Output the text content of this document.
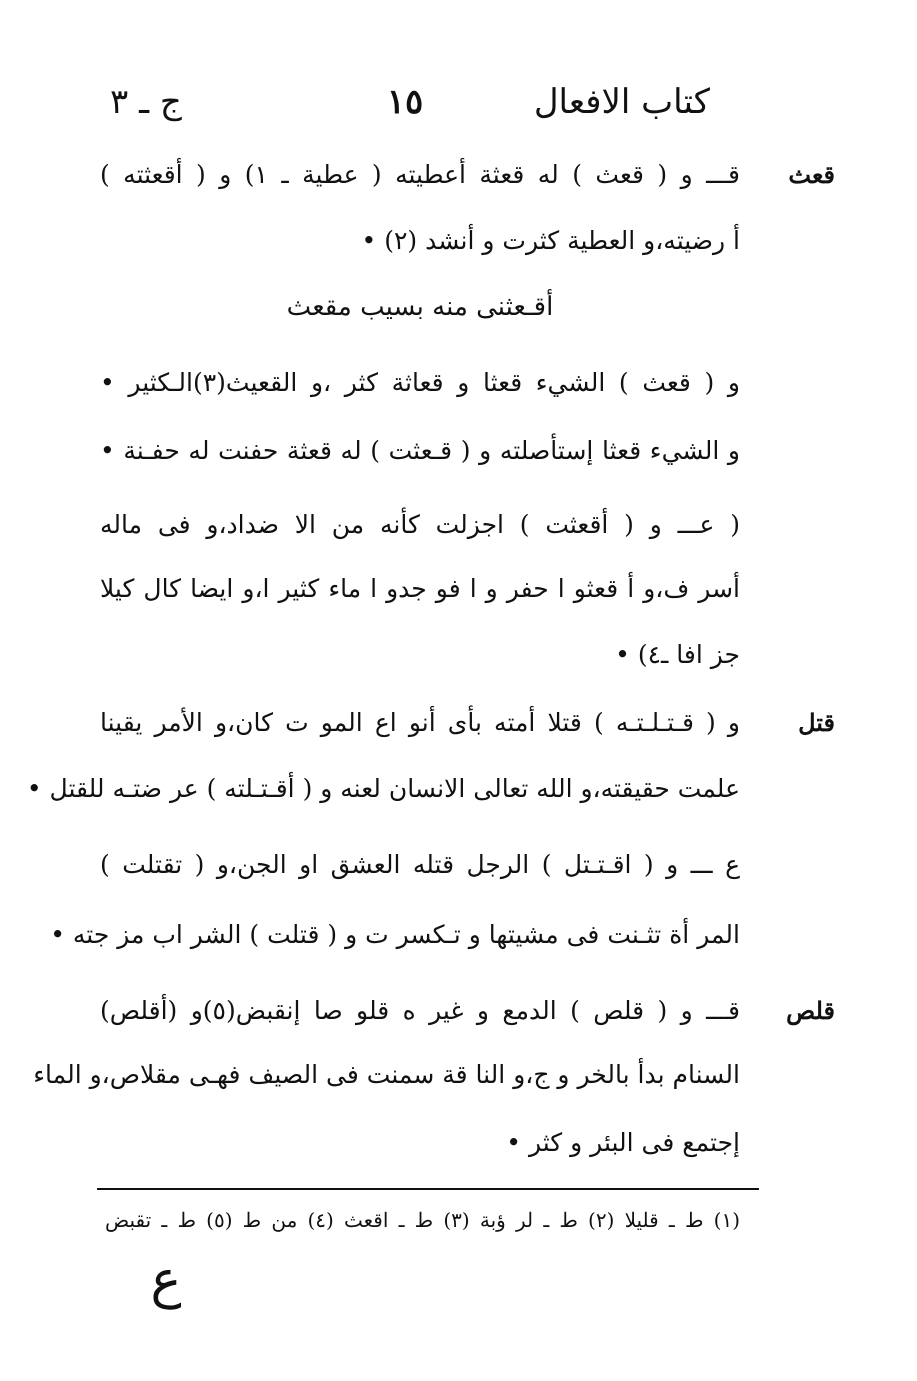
كتاب الافعال
١٥
ج ـ ٣
قعث
قـــ و ( قعث ) له قعثة أعطيته ( عطية ـ ١) و ( أقعثته )
أ رضيته،و العطية كثرت و أنشد (٢) •
أقـعثنى منه بسيب مقعث
و ( قعث ) الشيء قعثا و قعاثة كثر ،و القعيث(٣)الـكثير •
و الشيء قعثا إستأصلته و ( قـعثت ) له قعثة حفنت له حفـنة •
( عـــ و ( أقعثت ) اجزلت كأنه من الا ضداد،و فى ماله
أسر ف،و أ قعثو ا حفر و ا فو جدو ا ماء كثير ا،و ايضا كال كيلا
جز افا ـ٤) •
قتل
و ( قـتـلـتـه ) قتلا أمته بأى أنو اع المو ت كان،و الأمر يقينا
علمت حقيقته،و الله تعالى الانسان لعنه و ( أقـتـلته ) عر ضتـه للقتل •
ع ـــ و ( اقـتـتل ) الرجل قتله العشق او الجن،و ( تقتلت )
المر أة تثـنت فى مشيتها و تـكسر ت و ( قتلت ) الشر اب مز جته •
قلص
قـــ و ( قلص ) الدمع و غير ه قلو صا إنقبض(٥)و (أقلص)
السنام بدأ بالخر و ج،و النا قة سمنت فى الصيف فهـى مقلاص،و الماء
إجتمع فى البئر و كثر •
(١) ط ـ قليلا (٢) ط ـ لر ؤبة (٣) ط ـ اقعث (٤) من ط (٥) ط ـ تقبض
ع
